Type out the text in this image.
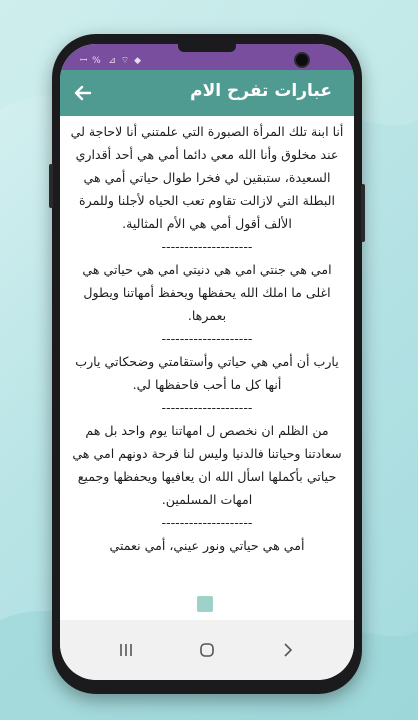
ꟷ %  ⊿ ⌔ ◆
عبارات تفرح الام

أنا ابنة تلك المرأة الصبورة التي علمتني أنا لاحاجة لي عند مخلوق وأنا الله معي دائما أمي هي أحد أقداري السعيدة، ستبقين لي فخرا طوال حياتي أمي هي البطلة التي لازالت تقاوم تعب الحياه لأجلنا وللمرة الألف أقول أمي هي الأم المثالية.

--------------------

امي هي جنتي امي هي دنيتي امي هي حياتي هي اغلى ما املك الله يحفظها ويحفظ أمهاتنا ويطول بعمرها.

--------------------

يارب أن أمي هي حياتي وأستقامتي وضحكاتي يارب أنها كل ما أحب فاحفظها لي.

--------------------

من الظلم ان نخصص ل امهاتنا يوم واحد بل هم سعادتنا وحياتنا فالدنيا وليس لنا فرحة دونهم امي هي حياتي بأكملها اسأل الله ان يعافيها ويحفظها وجميع امهات المسلمين.

--------------------

أمي هي حياتي ونور عيني، أمي نعمتي
